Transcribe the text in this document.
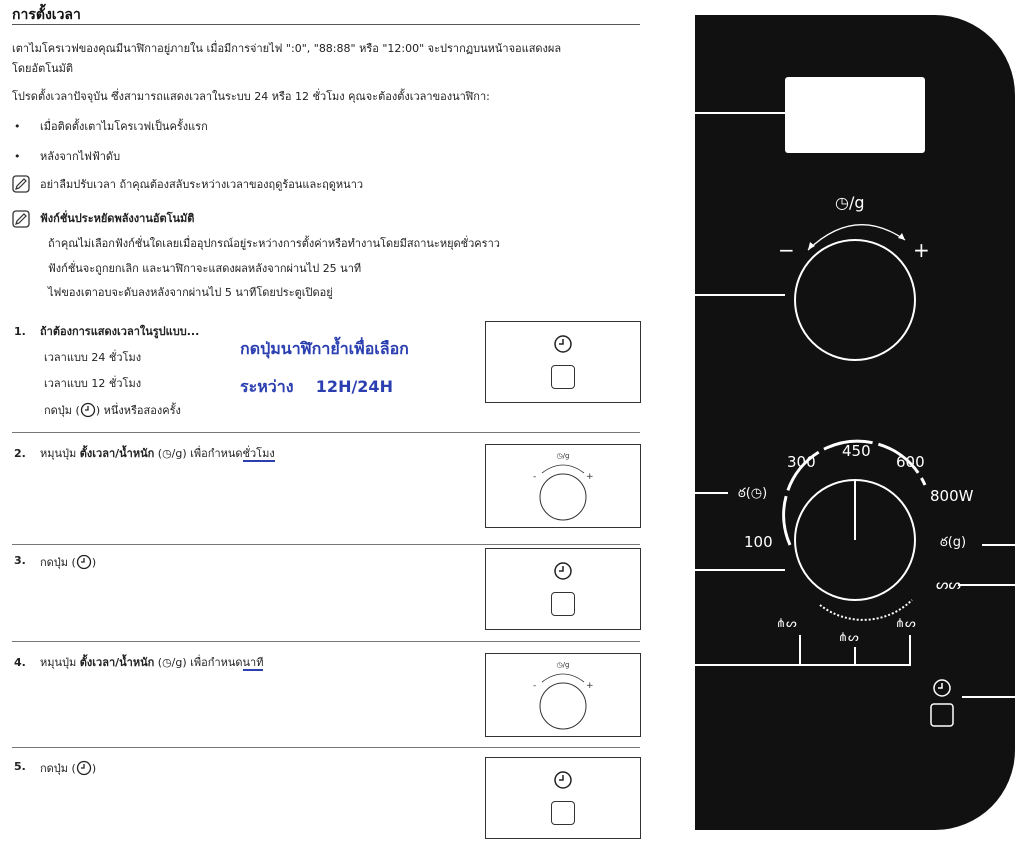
การตั้งเวลา
เตาไมโครเวฟของคุณมีนาฬิกาอยู่ภายใน เมื่อมีการจ่ายไฟ ":0", "88:88" หรือ "12:00" จะปรากฏบนหน้าจอแสดงผล
โดยอัตโนมัติ
โปรดตั้งเวลาปัจจุบัน ซึ่งสามารถแสดงเวลาในระบบ 24 หรือ 12 ชั่วโมง คุณจะต้องตั้งเวลาของนาฬิกา:
• เมื่อติดตั้งเตาไมโครเวฟเป็นครั้งแรก
• หลังจากไฟฟ้าดับ
อย่าลืมปรับเวลา ถ้าคุณต้องสลับระหว่างเวลาของฤดูร้อนและฤดูหนาว
ฟังก์ชั่นประหยัดพลังงานอัตโนมัติ
ถ้าคุณไม่เลือกฟังก์ชั่นใดเลยเมื่ออุปกรณ์อยู่ระหว่างการตั้งค่าหรือทำงานโดยมีสถานะหยุดชั่วคราว
ฟังก์ชั่นจะถูกยกเลิก และนาฬิกาจะแสดงผลหลังจากผ่านไป 25 นาที
ไฟของเตาอบจะดับลงหลังจากผ่านไป 5 นาทีโดยประตูเปิดอยู่
1. ถ้าต้องการแสดงเวลาในรูปแบบ...
เวลาแบบ 24 ชั่วโมง
เวลาแบบ 12 ชั่วโมง
กดปุ่ม ( ) หนึ่งหรือสองครั้ง
กดปุ่มนาฬิกาย้ำเพื่อเลือก
ระหว่าง    12H/24H
2. หมุนปุ่ม ตั้งเวลา/น้ำหนัก (◷/g) เพื่อกำหนดชั่วโมง	◷/g
-	+
3. กดปุ่ม ( )
4. หมุนปุ่ม ตั้งเวลา/น้ำหนัก (◷/g) เพื่อกำหนดนาที	◷/g
-	+
5. กดปุ่ม ( )
⋔ᔕ
⋔ᔕ
⋔ᔕ
ᔕᔕ
◷/g
−	+
300
450
600
800W
100
ఠ(◷)
ఠ(g)
